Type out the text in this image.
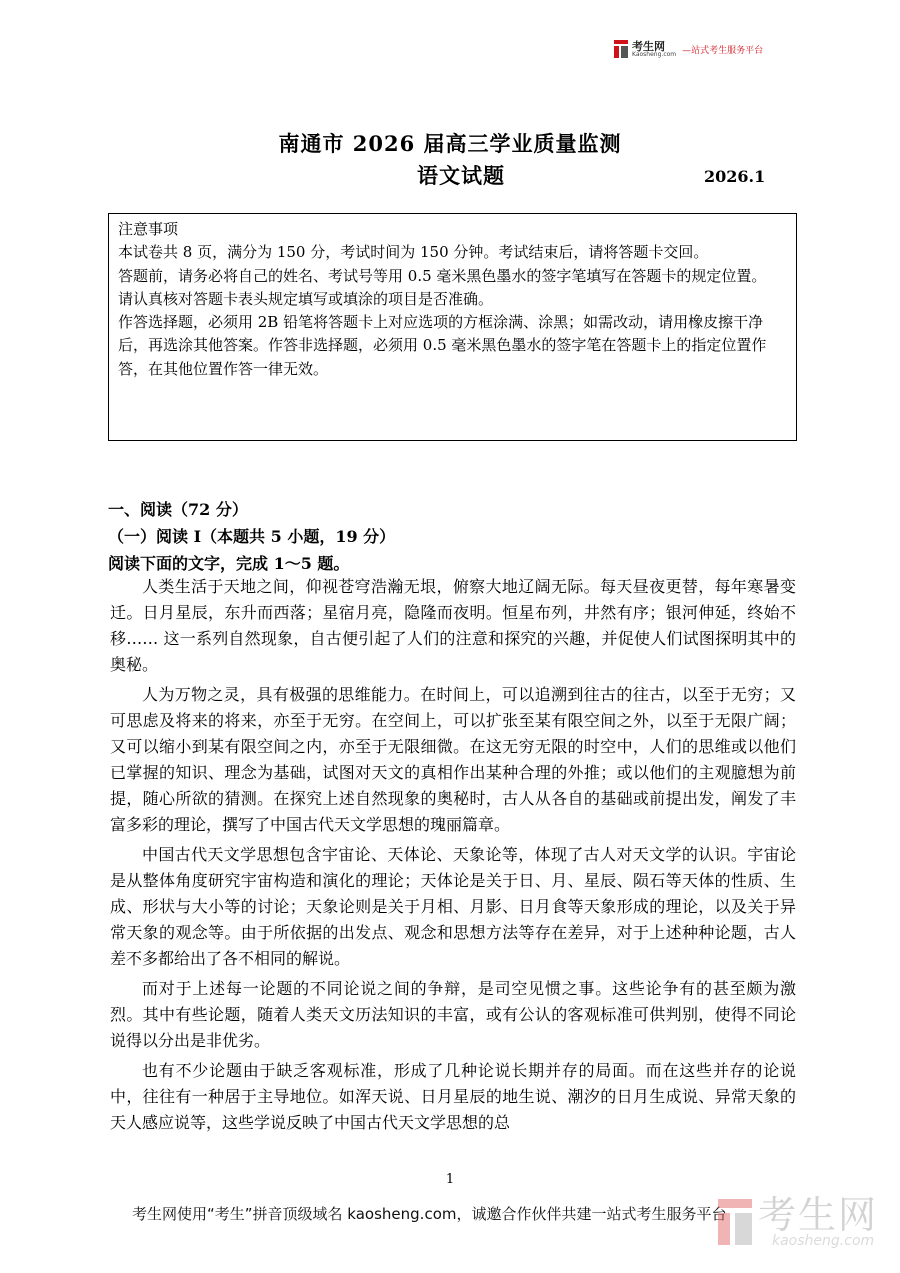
考生网
Kaosheng.com —站式考生服务平台
南通市 2026 届高三学业质量监测
语文试题	2026.1

注意事项

本试卷共 8 页，满分为 150 分，考试时间为 150 分钟。考试结束后，请将答题卡交回。

答题前，请务必将自己的姓名、考试号等用 0.5 毫米黑色墨水的签字笔填写在答题卡的规定位置。

请认真核对答题卡表头规定填写或填涂的项目是否准确。

作答选择题，必须用 2B 铅笔将答题卡上对应选项的方框涂满、涂黑；如需改动，请用橡皮擦干净后，再选涂其他答案。作答非选择题，必须用 0.5 毫米黑色墨水的签字笔在答题卡上的指定位置作答，在其他位置作答一律无效。

一、阅读（72 分）
（一）阅读 Ⅰ（本题共 5 小题，19 分）
阅读下面的文字，完成 1～5 题。

人类生活于天地之间，仰视苍穹浩瀚无垠，俯察大地辽阔无际。每天昼夜更替，每年寒暑变迁。日月星辰，东升而西落；星宿月亮，隐隆而夜明。恒星布列，井然有序；银河伸延，终始不移…… 这一系列自然现象，自古便引起了人们的注意和探究的兴趣，并促使人们试图探明其中的奥秘。

人为万物之灵，具有极强的思维能力。在时间上，可以追溯到往古的往古，以至于无穷；又可思虑及将来的将来，亦至于无穷。在空间上，可以扩张至某有限空间之外，以至于无限广阔；又可以缩小到某有限空间之内，亦至于无限细微。在这无穷无限的时空中，人们的思维或以他们已掌握的知识、理念为基础，试图对天文的真相作出某种合理的外推；或以他们的主观臆想为前提，随心所欲的猜测。在探究上述自然现象的奥秘时，古人从各自的基础或前提出发，阐发了丰富多彩的理论，撰写了中国古代天文学思想的瑰丽篇章。

中国古代天文学思想包含宇宙论、天体论、天象论等，体现了古人对天文学的认识。宇宙论是从整体角度研究宇宙构造和演化的理论；天体论是关于日、月、星辰、陨石等天体的性质、生成、形状与大小等的讨论；天象论则是关于月相、月影、日月食等天象形成的理论，以及关于异常天象的观念等。由于所依据的出发点、观念和思想方法等存在差异，对于上述种种论题，古人差不多都给出了各不相同的解说。

而对于上述每一论题的不同论说之间的争辩，是司空见惯之事。这些论争有的甚至颇为激烈。其中有些论题，随着人类天文历法知识的丰富，或有公认的客观标准可供判别，使得不同论说得以分出是非优劣。

也有不少论题由于缺乏客观标准，形成了几种论说长期并存的局面。而在这些并存的论说中，往往有一种居于主导地位。如浑天说、日月星辰的地生说、潮汐的日月生成说、异常天象的天人感应说等，这些学说反映了中国古代天文学思想的总

1
考生网使用“考生”拼音顶级域名 kaosheng.com，诚邀合作伙伴共建一站式考生服务平台 考生网
kaosheng.com
